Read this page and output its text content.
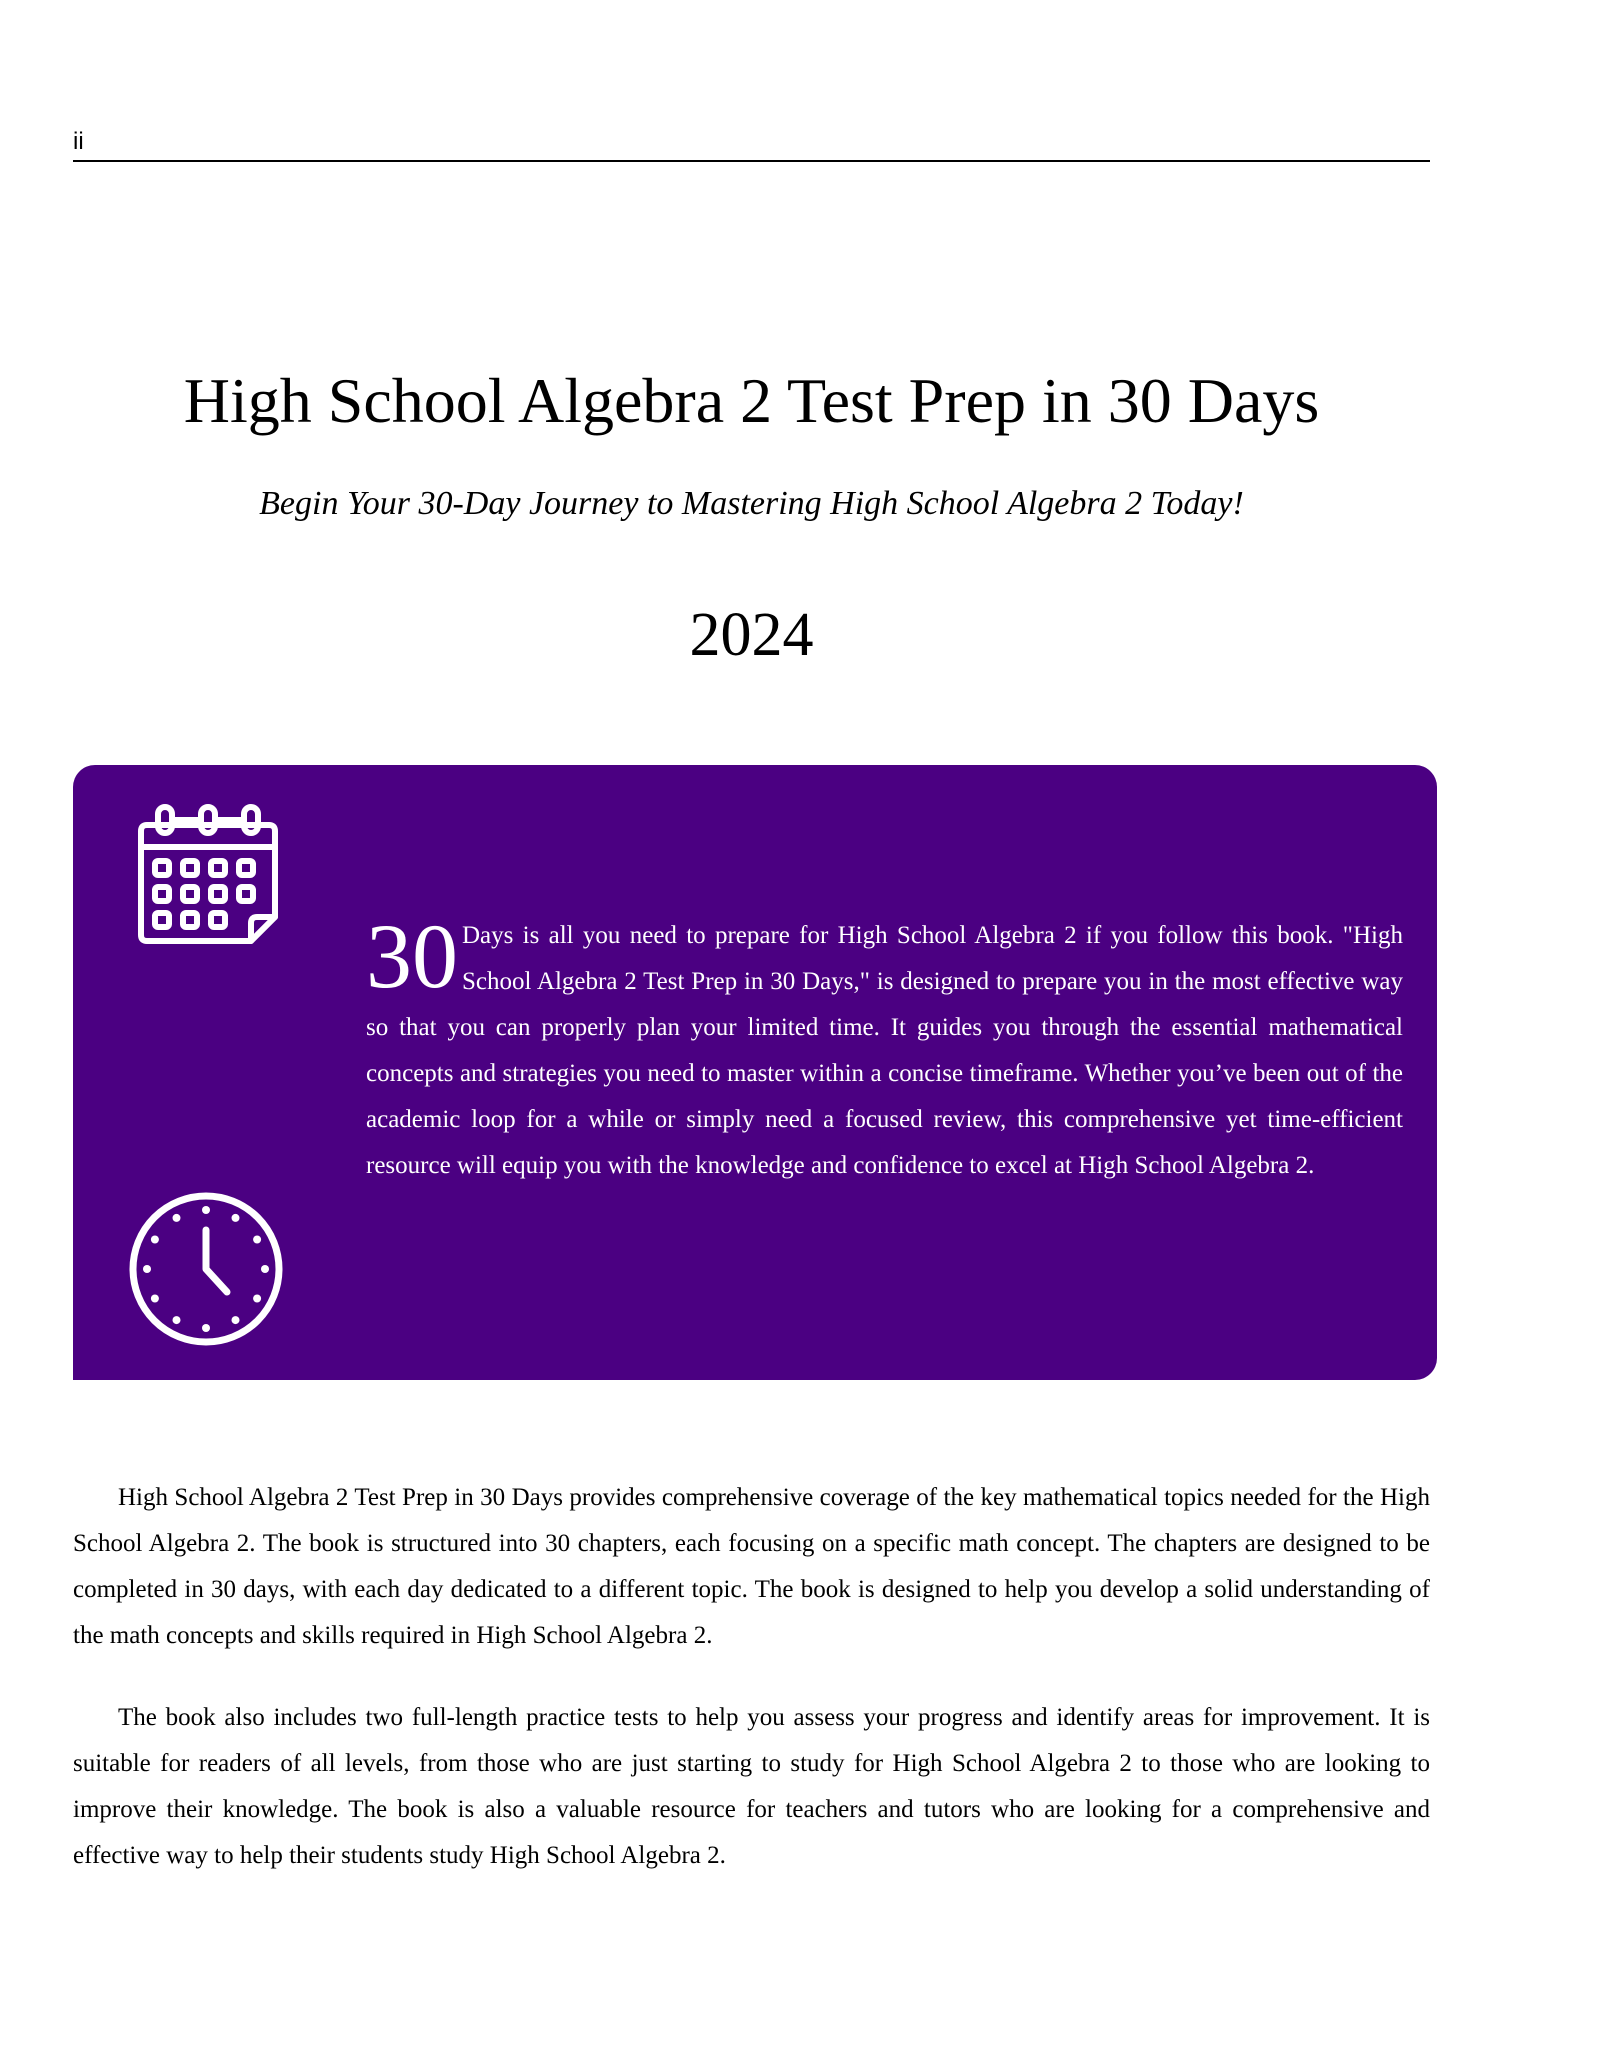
ii
High School Algebra 2 Test Prep in 30 Days

Begin Your 30-Day Journey to Mastering High School Algebra 2 Today!

2024

30 Days is all you need to prepare for High School Algebra 2 if you follow this book. "High School Algebra 2 Test Prep in 30 Days," is designed to prepare you in the most effective way so that you can properly plan your limited time. It guides you through the essential mathematical concepts and strategies you need to master within a concise timeframe. Whether you’ve been out of the academic loop for a while or simply need a focused review, this comprehensive yet time-efficient resource will equip you with the knowledge and confidence to excel at High School Algebra 2.

High School Algebra 2 Test Prep in 30 Days provides comprehensive coverage of the key mathematical topics needed for the High School Algebra 2. The book is structured into 30 chapters, each focusing on a specific math concept. The chapters are designed to be completed in 30 days, with each day dedicated to a different topic. The book is designed to help you develop a solid understanding of the math concepts and skills required in High School Algebra 2.

The book also includes two full-length practice tests to help you assess your progress and identify areas for improvement. It is suitable for readers of all levels, from those who are just starting to study for High School Algebra 2 to those who are looking to improve their knowledge. The book is also a valuable resource for teachers and tutors who are looking for a comprehensive and effective way to help their students study High School Algebra 2.
